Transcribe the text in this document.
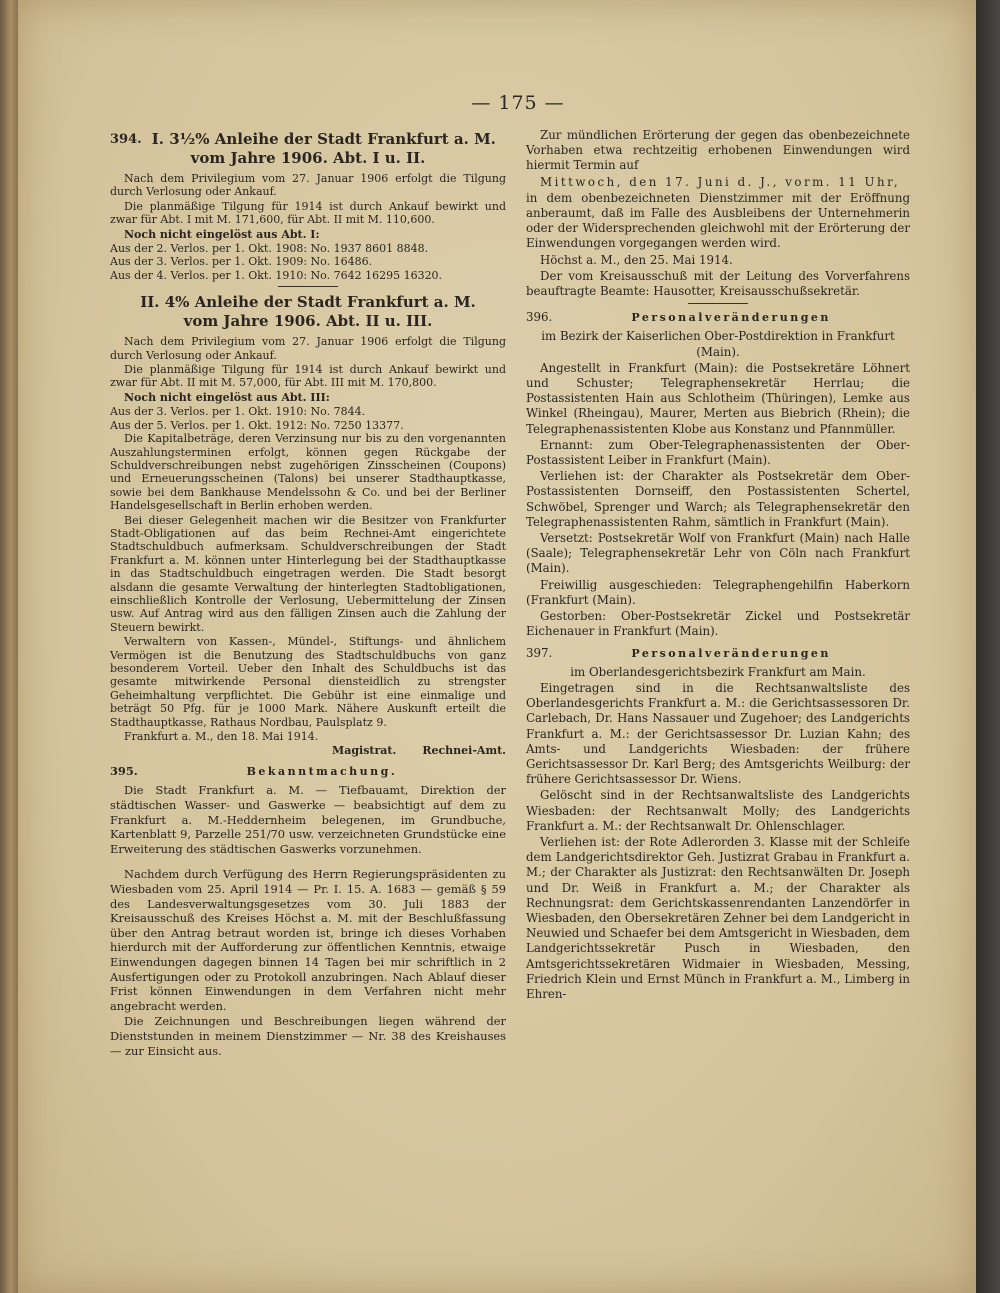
— 175 —
394. I. 3½% Anleihe der Stadt Frankfurt a. M.
vom Jahre 1906. Abt. I u. II.

Nach dem Privilegium vom 27. Januar 1906 erfolgt die Tilgung durch Verlosung oder Ankauf.

Die planmäßige Tilgung für 1914 ist durch Ankauf bewirkt und zwar für Abt. I mit M. 171,600, für Abt. II mit M. 110,600.

Noch nicht eingelöst aus Abt. I:

Aus der 2. Verlos. per 1. Okt. 1908: No. 1937 8601 8848.

Aus der 3. Verlos. per 1. Okt. 1909: No. 16486.

Aus der 4. Verlos. per 1. Okt. 1910: No. 7642 16295 16320.

II. 4% Anleihe der Stadt Frankfurt a. M.
vom Jahre 1906. Abt. II u. III.

Nach dem Privilegium vom 27. Januar 1906 erfolgt die Tilgung durch Verlosung oder Ankauf.

Die planmäßige Tilgung für 1914 ist durch Ankauf bewirkt und zwar für Abt. II mit M. 57,000, für Abt. III mit M. 170,800.

Noch nicht eingelöst aus Abt. III:

Aus der 3. Verlos. per 1. Okt. 1910: No. 7844.

Aus der 5. Verlos. per 1. Okt. 1912: No. 7250 13377.

Die Kapitalbeträge, deren Verzinsung nur bis zu den vorgenannten Auszahlungsterminen erfolgt, können gegen Rückgabe der Schuldverschreibungen nebst zugehörigen Zinsscheinen (Coupons) und Erneuerungsscheinen (Talons) bei unserer Stadthauptkasse, sowie bei dem Bankhause Mendelssohn & Co. und bei der Berliner Handelsgesellschaft in Berlin erhoben werden.

Bei dieser Gelegenheit machen wir die Besitzer von Frankfurter Stadt-Obligationen auf das beim Rechnei-Amt eingerichtete Stadtschuldbuch aufmerksam. Schuldverschreibungen der Stadt Frankfurt a. M. können unter Hinterlegung bei der Stadthauptkasse in das Stadtschuldbuch eingetragen werden. Die Stadt besorgt alsdann die gesamte Verwaltung der hinterlegten Stadtobligationen, einschließlich Kontrolle der Verlosung, Uebermittelung der Zinsen usw. Auf Antrag wird aus den fälligen Zinsen auch die Zahlung der Steuern bewirkt.

Verwaltern von Kassen-, Mündel-, Stiftungs- und ähnlichem Vermögen ist die Benutzung des Stadtschuldbuchs von ganz besonderem Vorteil. Ueber den Inhalt des Schuldbuchs ist das gesamte mitwirkende Personal diensteidlich zu strengster Geheimhaltung verpflichtet. Die Gebühr ist eine einmalige und beträgt 50 Pfg. für je 1000 Mark. Nähere Auskunft erteilt die Stadthauptkasse, Rathaus Nordbau, Paulsplatz 9.

Frankfurt a. M., den 18. Mai 1914.

Magistrat. Rechnei-Amt.
395.	Bekanntmachung.

Die Stadt Frankfurt a. M. — Tiefbauamt, Direktion der städtischen Wasser- und Gaswerke — beabsichtigt auf dem zu Frankfurt a. M.-Heddernheim belegenen, im Grundbuche, Kartenblatt 9, Parzelle 251/70 usw. verzeichneten Grundstücke eine Erweiterung des städtischen Gaswerks vorzunehmen.

Nachdem durch Verfügung des Herrn Regierungspräsidenten zu Wiesbaden vom 25. April 1914 — Pr. I. 15. A. 1683 — gemäß § 59 des Landesverwaltungsgesetzes vom 30. Juli 1883 der Kreisausschuß des Kreises Höchst a. M. mit der Beschlußfassung über den Antrag betraut worden ist, bringe ich dieses Vorhaben hierdurch mit der Aufforderung zur öffentlichen Kenntnis, etwaige Einwendungen dagegen binnen 14 Tagen bei mir schriftlich in 2 Ausfertigungen oder zu Protokoll anzubringen. Nach Ablauf dieser Frist können Einwendungen in dem Verfahren nicht mehr angebracht werden.

Die Zeichnungen und Beschreibungen liegen während der Dienststunden in meinem Dienstzimmer — Nr. 38 des Kreishauses — zur Einsicht aus.

Zur mündlichen Erörterung der gegen das obenbezeichnete Vorhaben etwa rechtzeitig erhobenen Einwendungen wird hiermit Termin auf

Mittwoch, den 17. Juni d. J., vorm. 11 Uhr,

in dem obenbezeichneten Dienstzimmer mit der Eröffnung anberaumt, daß im Falle des Ausbleibens der Unternehmerin oder der Widersprechenden gleichwohl mit der Erörterung der Einwendungen vorgegangen werden wird.

Höchst a. M., den 25. Mai 1914.

Der vom Kreisausschuß mit der Leitung des Vorverfahrens beauftragte Beamte: Hausotter, Kreisausschußsekretär.

396.	Personalveränderungen

im Bezirk der Kaiserlichen Ober-Postdirektion in Frankfurt (Main).

Angestellt in Frankfurt (Main): die Postsekretäre Löhnert und Schuster; Telegraphensekretär Herrlau; die Postassistenten Hain aus Schlotheim (Thüringen), Lemke aus Winkel (Rheingau), Maurer, Merten aus Biebrich (Rhein); die Telegraphenassistenten Klobe aus Konstanz und Pfannmüller.

Ernannt: zum Ober-Telegraphenassistenten der Ober-Postassistent Leiber in Frankfurt (Main).

Verliehen ist: der Charakter als Postsekretär dem Ober-Postassistenten Dornseiff, den Postassistenten Schertel, Schwöbel, Sprenger und Warch; als Telegraphensekretär den Telegraphenassistenten Rahm, sämtlich in Frankfurt (Main).

Versetzt: Postsekretär Wolf von Frankfurt (Main) nach Halle (Saale); Telegraphensekretär Lehr von Cöln nach Frankfurt (Main).

Freiwillig ausgeschieden: Telegraphengehilfin Haberkorn (Frankfurt (Main).

Gestorben: Ober-Postsekretär Zickel und Postsekretär Eichenauer in Frankfurt (Main).

397.	Personalveränderungen

im Oberlandesgerichtsbezirk Frankfurt am Main.

Eingetragen sind in die Rechtsanwaltsliste des Oberlandesgerichts Frankfurt a. M.: die Gerichtsassessoren Dr. Carlebach, Dr. Hans Nassauer und Zugehoer; des Landgerichts Frankfurt a. M.: der Gerichtsassessor Dr. Luzian Kahn; des Amts- und Landgerichts Wiesbaden: der frühere Gerichtsassessor Dr. Karl Berg; des Amtsgerichts Weilburg: der frühere Gerichtsassessor Dr. Wiens.

Gelöscht sind in der Rechtsanwaltsliste des Landgerichts Wiesbaden: der Rechtsanwalt Molly; des Landgerichts Frankfurt a. M.: der Rechtsanwalt Dr. Ohlenschlager.

Verliehen ist: der Rote Adlerorden 3. Klasse mit der Schleife dem Landgerichtsdirektor Geh. Justizrat Grabau in Frankfurt a. M.; der Charakter als Justizrat: den Rechtsanwälten Dr. Joseph und Dr. Weiß in Frankfurt a. M.; der Charakter als Rechnungsrat: dem Gerichtskassenrendanten Lanzendörfer in Wiesbaden, den Obersekretären Zehner bei dem Landgericht in Neuwied und Schaefer bei dem Amtsgericht in Wiesbaden, dem Landgerichtssekretär Pusch in Wiesbaden, den Amtsgerichtssekretären Widmaier in Wiesbaden, Messing, Friedrich Klein und Ernst Münch in Frankfurt a. M., Limberg in Ehren-
